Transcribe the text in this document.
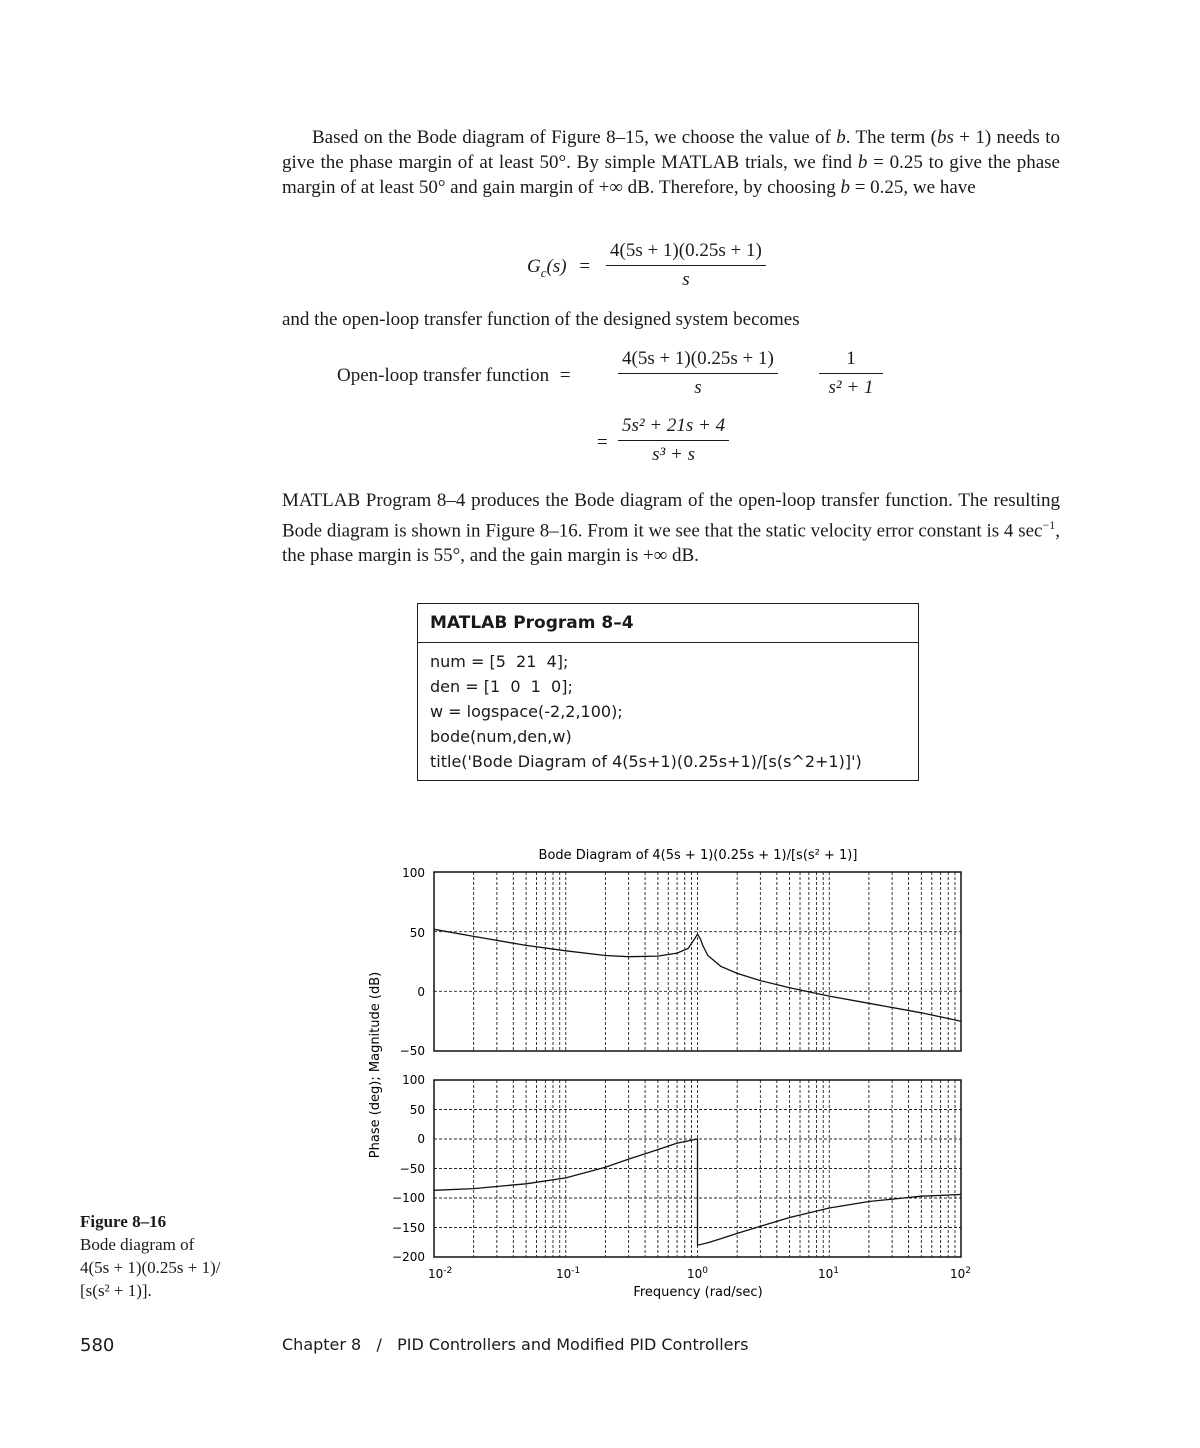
Based on the Bode diagram of Figure 8–15, we choose the value of b. The term (bs + 1) needs to give the phase margin of at least 50°. By simple MATLAB trials, we find b = 0.25 to give the phase margin of at least 50° and gain margin of +∞ dB. Therefore, by choosing b = 0.25, we have

$G_c(s)$ =
4(5s + 1)(0.25s + 1)
s

and the open-loop transfer function of the designed system becomes

Open-loop transfer function =
4(5s + 1)(0.25s + 1)
s
1
s² + 1
=
5s² + 21s + 4
s³ + s

MATLAB Program 8–4 produces the Bode diagram of the open-loop transfer function. The resulting Bode diagram is shown in Figure 8–16. From it we see that the static velocity error constant is 4 $\sec^{-1}$, the phase margin is 55°, and the gain margin is +∞ dB.

MATLAB Program 8–4
num = [5  21  4];
den = [1  0  1  0];
w = logspace(-2,2,100);
bode(num,den,w)
title('Bode Diagram of 4(5s+1)(0.25s+1)/[s(s^2+1)]')
Bode Diagram of 4(5s + 1)(0.25s + 1)/[s(s² + 1)]
100
50
0
−50
100
50
0
−50
−100
−150
−200
$10^{-2}$	$10^{-1}$	$10^0$	$10^1$	$10^2$
Frequency (rad/sec)
Phase (deg); Magnitude (dB)
Figure 8–16
Bode diagram of
4(5s + 1)(0.25s + 1)/
[s(s² + 1)].
580	Chapter 8   /   PID Controllers and Modified PID Controllers
